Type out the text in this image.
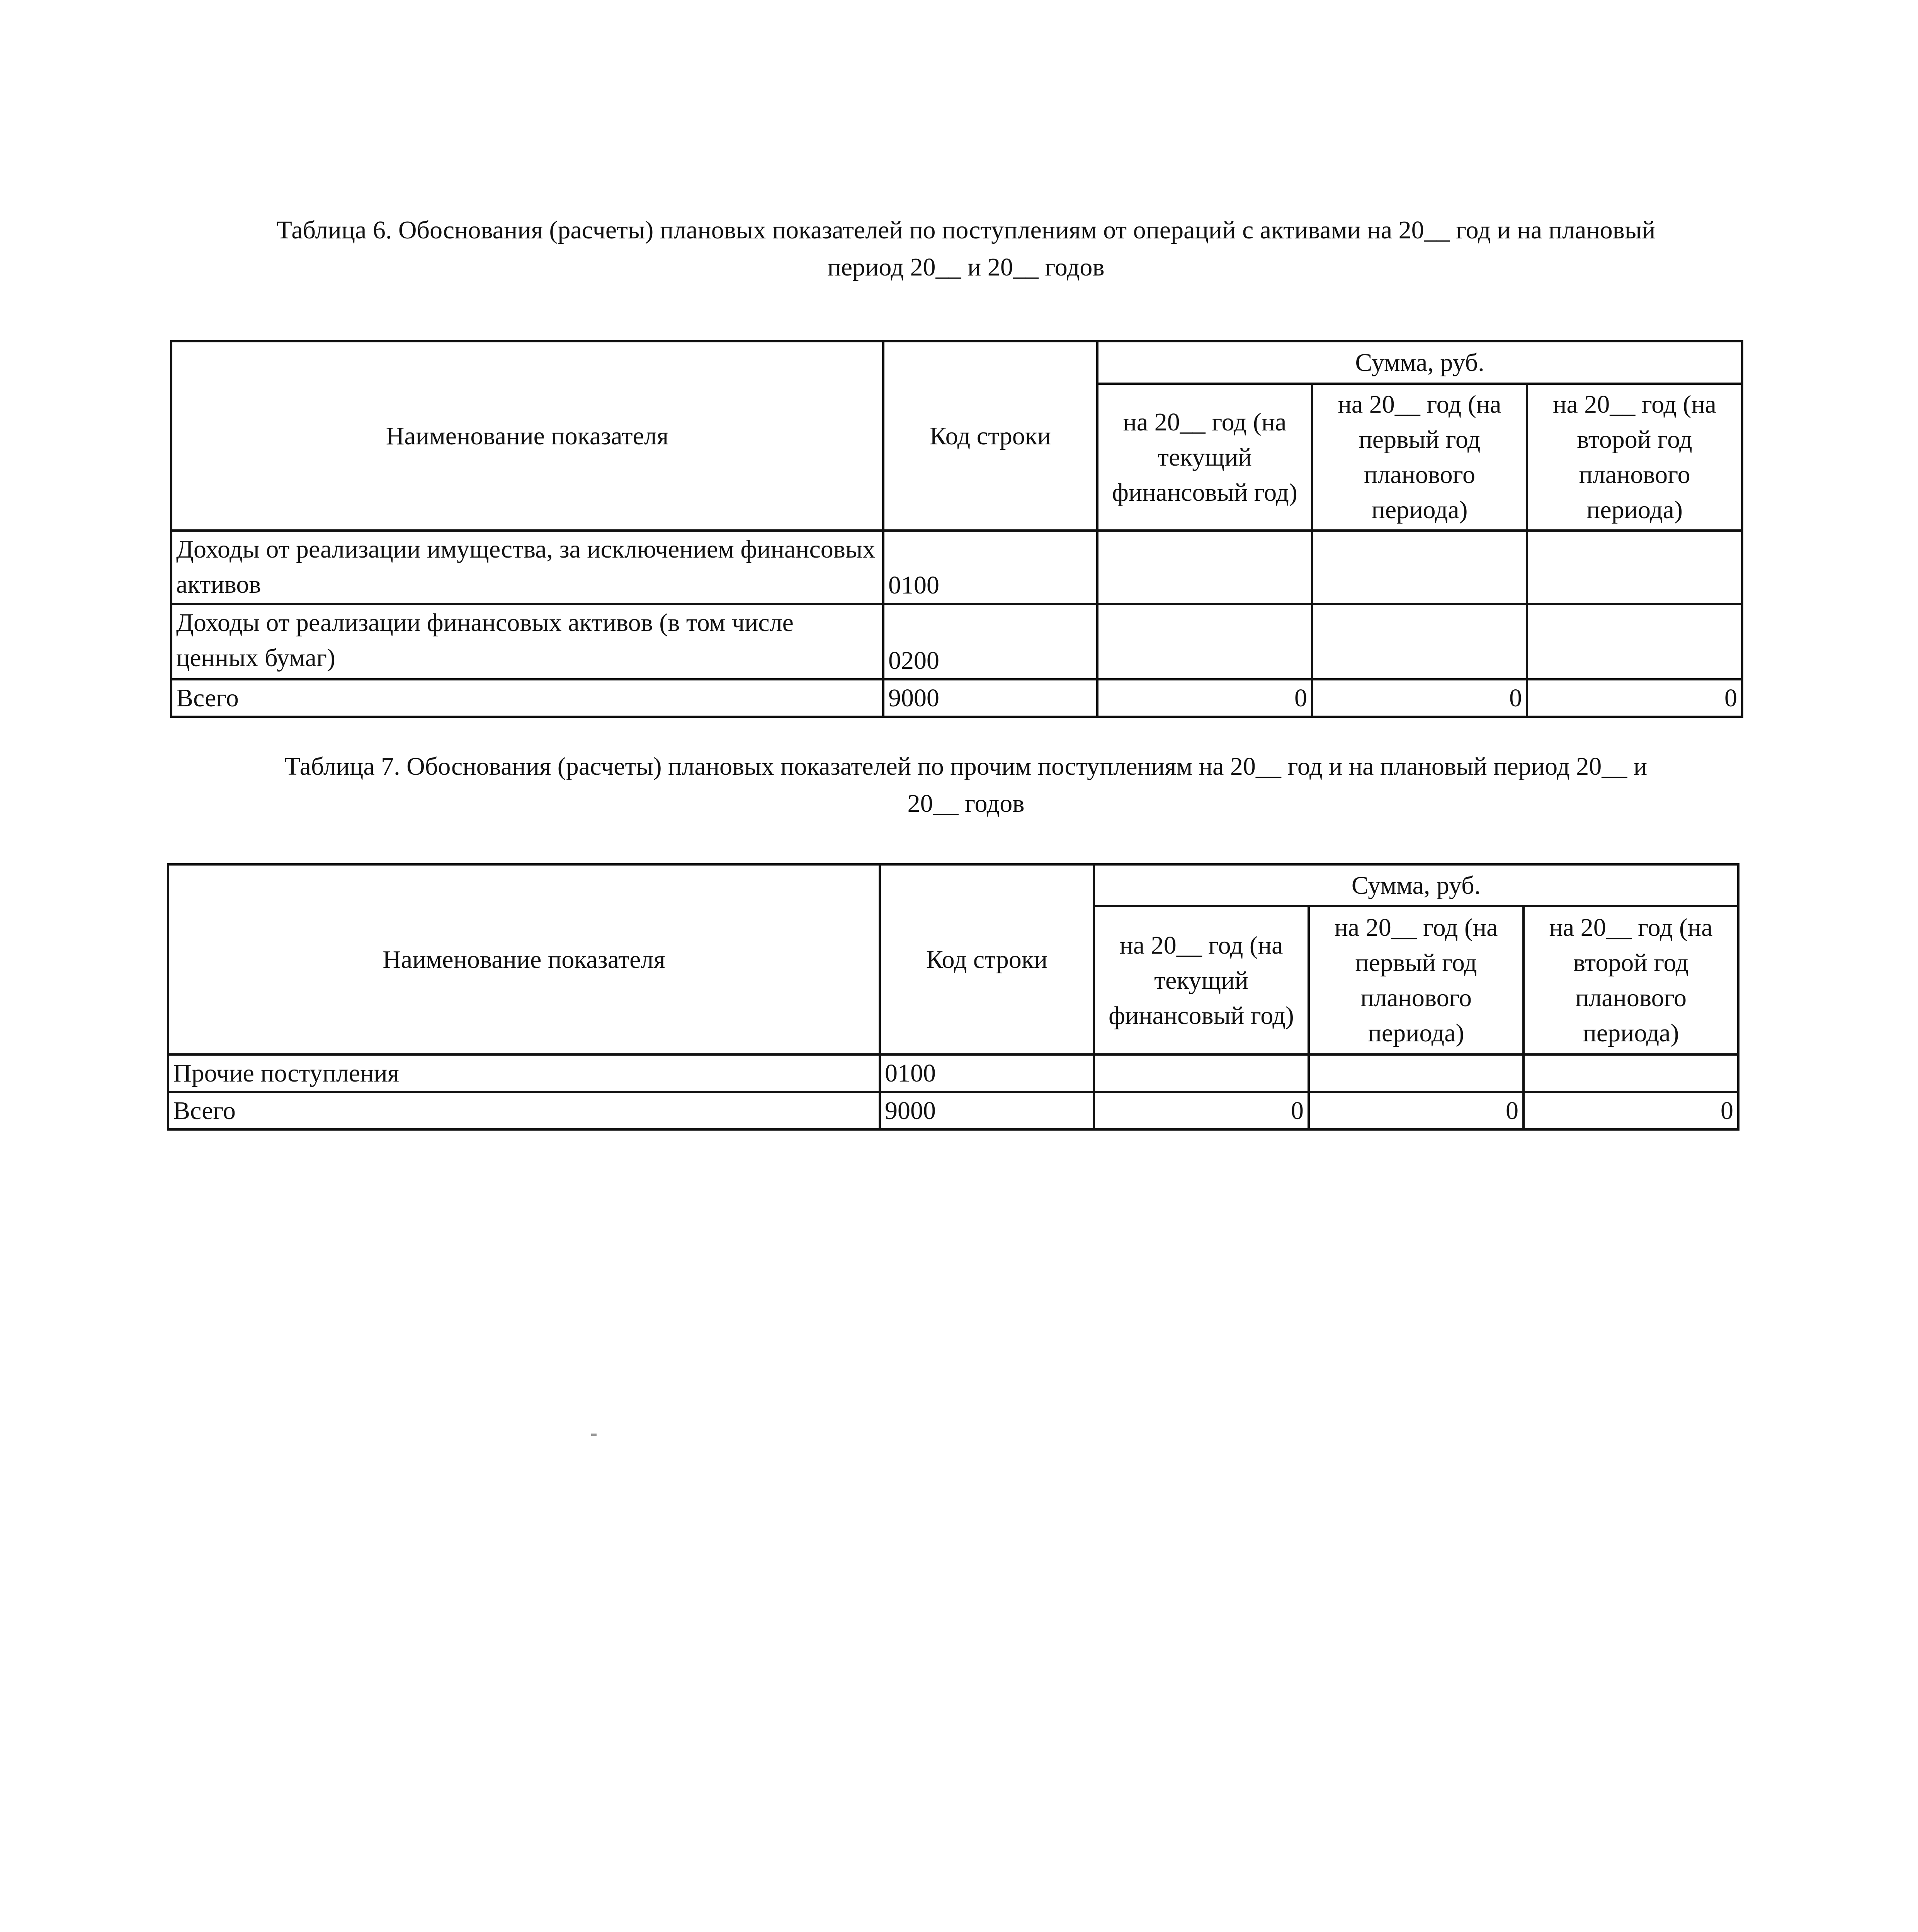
Таблица 6. Обоснования (расчеты) плановых показателей по поступлениям от операций с активами на 20__ год и на плановый
период 20__ и 20__ годов
Наименование показателя	Код строки	Сумма, руб.		
		на 20__ год (на текущий финансовый год)	на 20__ год (на первый год планового периода)	на 20__ год (на второй год планового периода)
Доходы от реализации имущества, за исключением финансовых активов	0100			
Доходы от реализации финансовых активов (в том числе ценных бумаг)	0200			
Всего	9000	0	0	0
Таблица 7. Обоснования (расчеты) плановых показателей по прочим поступлениям на 20__ год и на плановый период 20__ и
20__ годов
Наименование показателя	Код строки	Сумма, руб.		
		на 20__ год (на текущий финансовый год)	на 20__ год (на первый год планового периода)	на 20__ год (на второй год планового периода)
Прочие поступления	0100			
Всего	9000	0	0	0
